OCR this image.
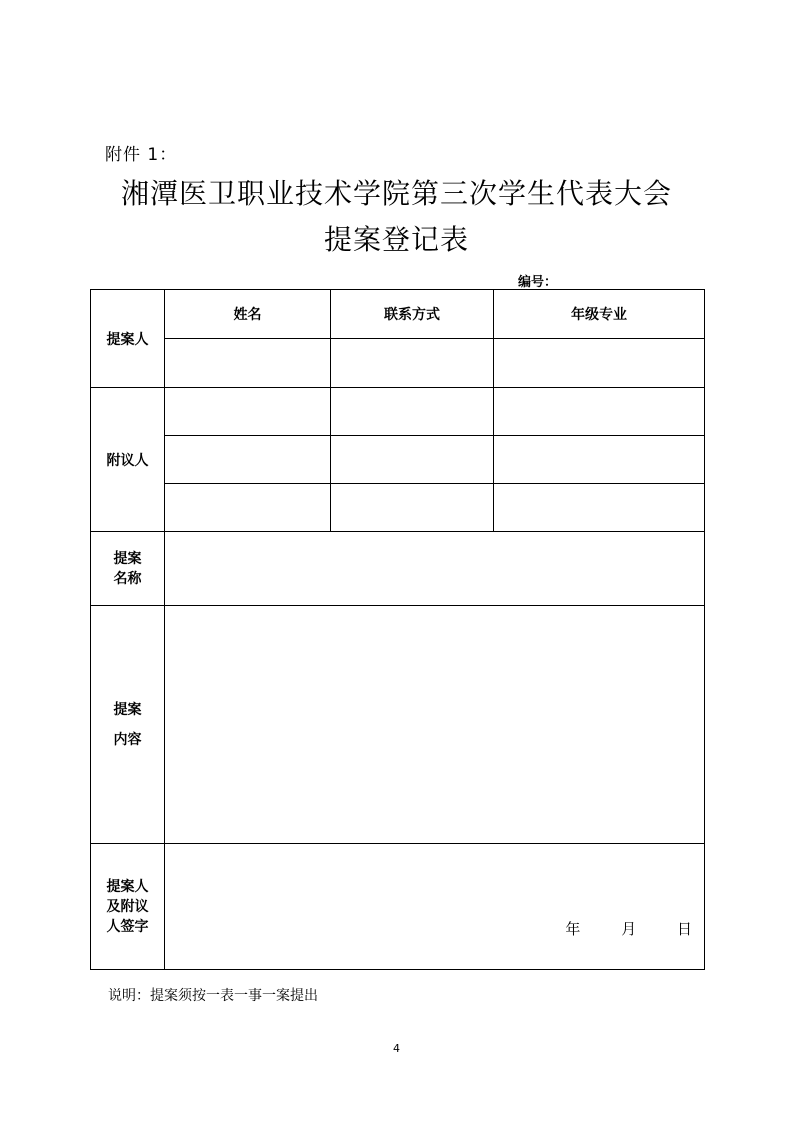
附件 1：
湘潭医卫职业技术学院第三次学生代表大会
提案登记表
编号：
提案人	姓名	联系方式	年级专业

附议人			

提案
名称			

提案
内容			

提案人
及附议
人签字	年 月 日		
说明：提案须按一表一事一案提出
4
